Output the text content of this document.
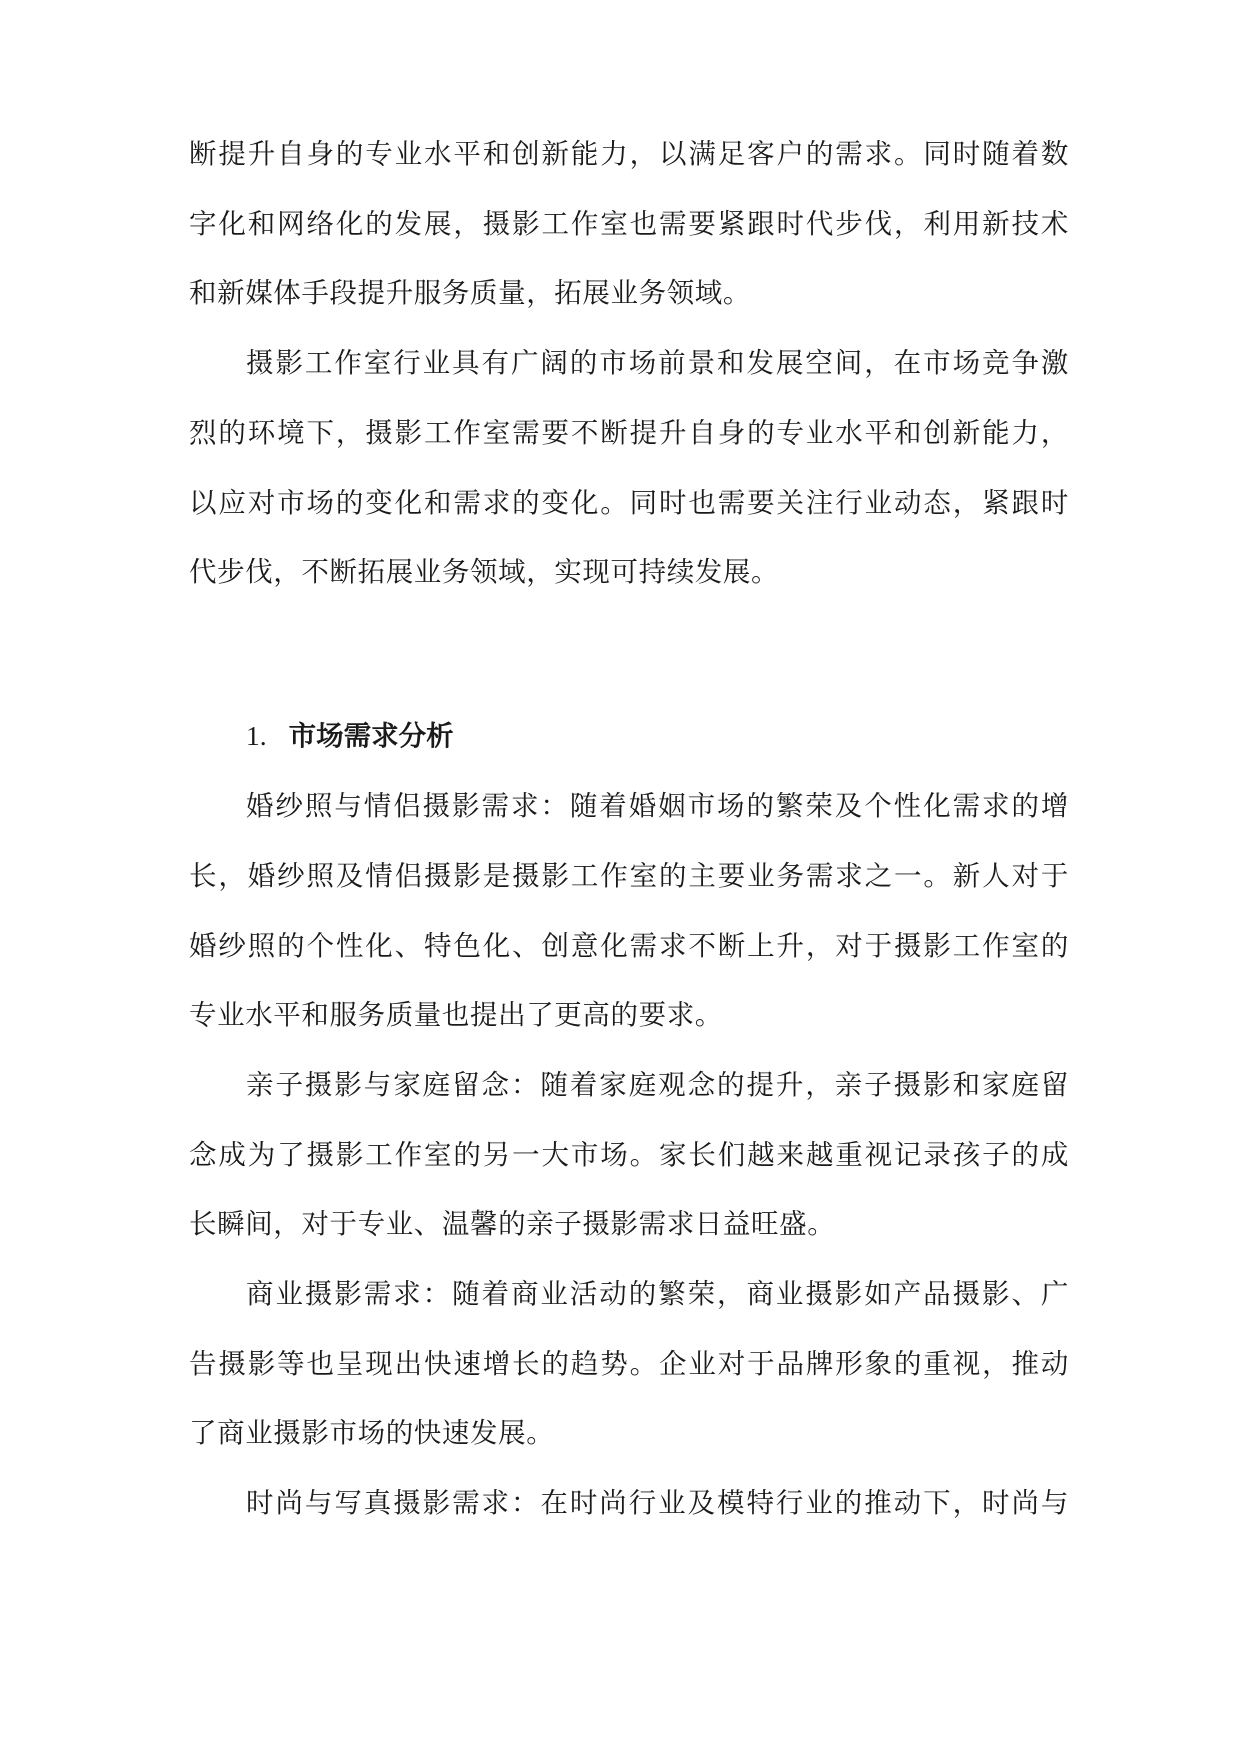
断提升自身的专业水平和创新能力，以满足客户的需求。同时随着数
字化和网络化的发展，摄影工作室也需要紧跟时代步伐，利用新技术
和新媒体手段提升服务质量，拓展业务领域。
摄影工作室行业具有广阔的市场前景和发展空间，在市场竞争激
烈的环境下，摄影工作室需要不断提升自身的专业水平和创新能力，
以应对市场的变化和需求的变化。同时也需要关注行业动态，紧跟时
代步伐，不断拓展业务领域，实现可持续发展。
1. 市场需求分析
婚纱照与情侣摄影需求：随着婚姻市场的繁荣及个性化需求的增
长，婚纱照及情侣摄影是摄影工作室的主要业务需求之一。新人对于
婚纱照的个性化、特色化、创意化需求不断上升，对于摄影工作室的
专业水平和服务质量也提出了更高的要求。
亲子摄影与家庭留念：随着家庭观念的提升，亲子摄影和家庭留
念成为了摄影工作室的另一大市场。家长们越来越重视记录孩子的成
长瞬间，对于专业、温馨的亲子摄影需求日益旺盛。
商业摄影需求：随着商业活动的繁荣，商业摄影如产品摄影、广
告摄影等也呈现出快速增长的趋势。企业对于品牌形象的重视，推动
了商业摄影市场的快速发展。
时尚与写真摄影需求：在时尚行业及模特行业的推动下，时尚与
